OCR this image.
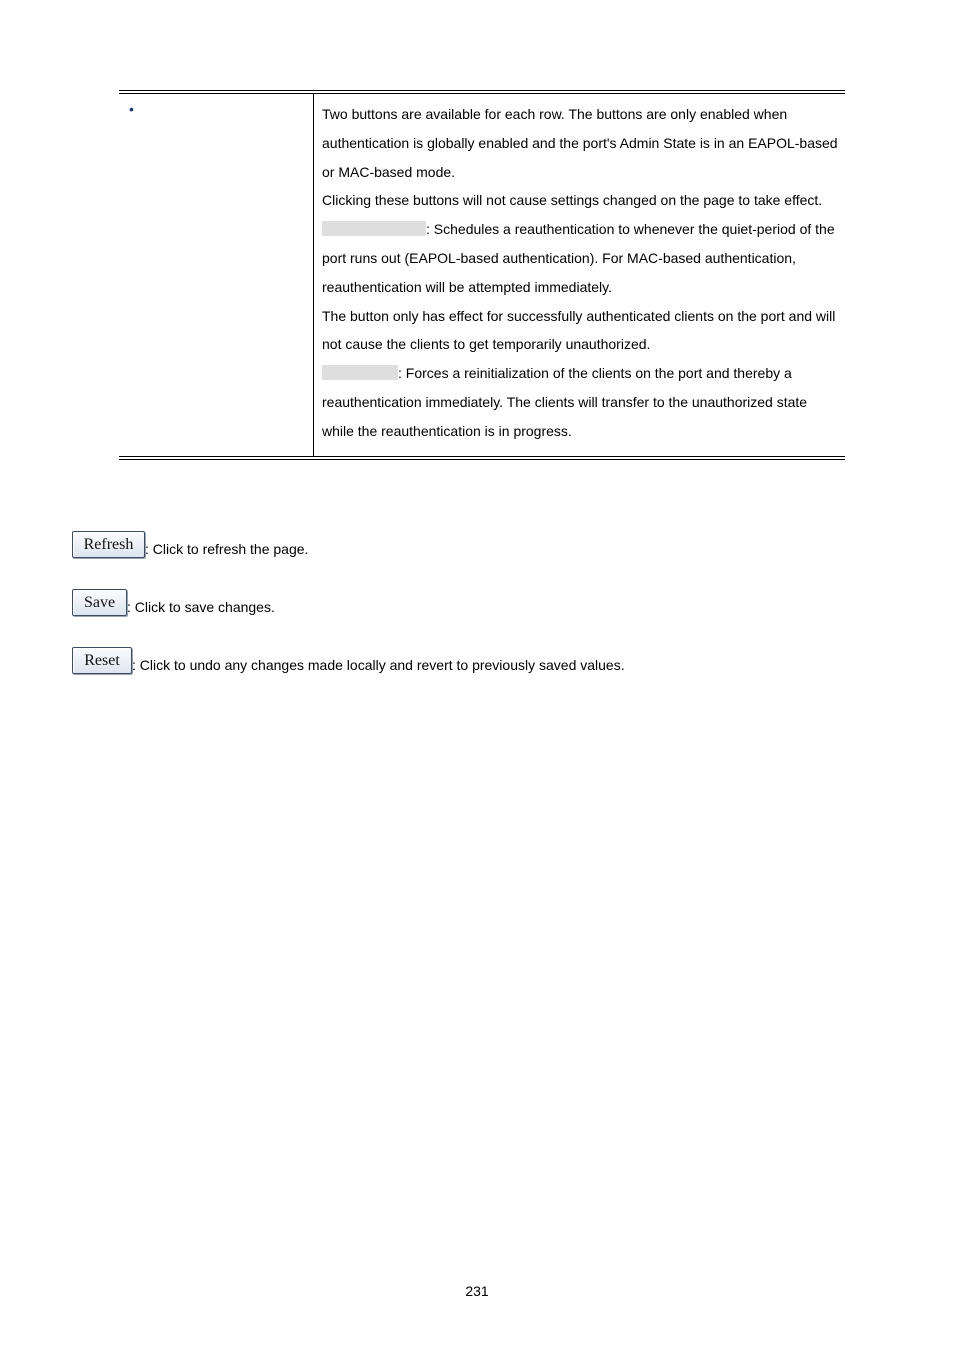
•	Two buttons are available for each row. The buttons are only enabled when authentication is globally enabled and the port's Admin State is in an EAPOL-based or MAC-based mode.

Clicking these buttons will not cause settings changed on the page to take effect.

: Schedules a reauthentication to whenever the quiet-period of the port runs out (EAPOL-based authentication). For MAC-based authentication, reauthentication will be attempted immediately.

The button only has effect for successfully authenticated clients on the port and will not cause the clients to get temporarily unauthorized.

: Forces a reinitialization of the clients on the port and thereby a reauthentication immediately. The clients will transfer to the unauthorized state while the reauthentication is in progress.

Refresh : Click to refresh the page.
Save : Click to save changes.
Reset : Click to undo any changes made locally and revert to previously saved values.
231
